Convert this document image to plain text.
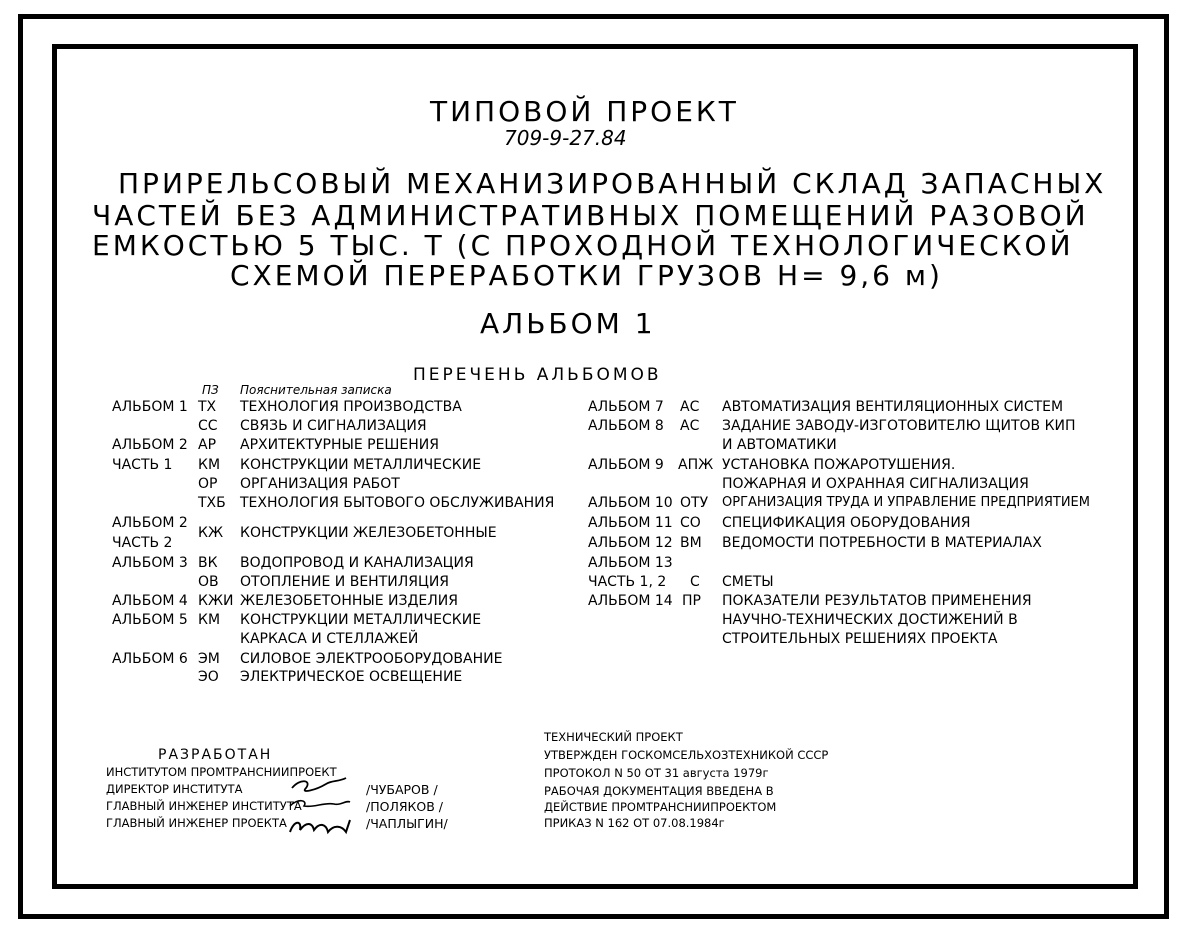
ТИПОВОЙ ПРОЕКТ
709-9-27.84
ПРИРЕЛЬСОВЫЙ МЕХАНИЗИРОВАННЫЙ СКЛАД ЗАПАСНЫХ
ЧАСТЕЙ БЕЗ АДМИНИСТРАТИВНЫХ ПОМЕЩЕНИЙ РАЗОВОЙ
ЕМКОСТЬЮ 5 ТЫС. Т (С ПРОХОДНОЙ ТЕХНОЛОГИЧЕСКОЙ
СХЕМОЙ ПЕРЕРАБОТКИ ГРУЗОВ Н= 9,6 м)
АЛЬБОМ 1
ПЕРЕЧЕНЬ АЛЬБОМОВ
ПЗ Пояснительная записка
АЛЬБОМ 1 ТХ ТЕХНОЛОГИЯ ПРОИЗВОДСТВА
СС СВЯЗЬ И СИГНАЛИЗАЦИЯ
АЛЬБОМ 2 АР АРХИТЕКТУРНЫЕ РЕШЕНИЯ
ЧАСТЬ 1 КМ КОНСТРУКЦИИ МЕТАЛЛИЧЕСКИЕ
ОР ОРГАНИЗАЦИЯ РАБОТ
ТХБ ТЕХНОЛОГИЯ БЫТОВОГО ОБСЛУЖИВАНИЯ
АЛЬБОМ 2
КЖ КОНСТРУКЦИИ ЖЕЛЕЗОБЕТОННЫЕ
ЧАСТЬ 2
АЛЬБОМ 3 ВК ВОДОПРОВОД И КАНАЛИЗАЦИЯ
ОВ ОТОПЛЕНИЕ И ВЕНТИЛЯЦИЯ
АЛЬБОМ 4 КЖИ ЖЕЛЕЗОБЕТОННЫЕ ИЗДЕЛИЯ
АЛЬБОМ 5 КМ КОНСТРУКЦИИ МЕТАЛЛИЧЕСКИЕ
КАРКАСА И СТЕЛЛАЖЕЙ
АЛЬБОМ 6 ЭМ СИЛОВОЕ ЭЛЕКТРООБОРУДОВАНИЕ
ЭО ЭЛЕКТРИЧЕСКОЕ ОСВЕЩЕНИЕ
АЛЬБОМ 7 АС АВТОМАТИЗАЦИЯ ВЕНТИЛЯЦИОННЫХ СИСТЕМ
АЛЬБОМ 8 АС ЗАДАНИЕ ЗАВОДУ-ИЗГОТОВИТЕЛЮ ЩИТОВ КИП
И АВТОМАТИКИ
АЛЬБОМ 9 АПЖ УСТАНОВКА ПОЖАРОТУШЕНИЯ.
ПОЖАРНАЯ И ОХРАННАЯ СИГНАЛИЗАЦИЯ
АЛЬБОМ 10 ОТУ ОРГАНИЗАЦИЯ ТРУДА И УПРАВЛЕНИЕ ПРЕДПРИЯТИЕМ
АЛЬБОМ 11 СО СПЕЦИФИКАЦИЯ ОБОРУДОВАНИЯ
АЛЬБОМ 12 ВМ ВЕДОМОСТИ ПОТРЕБНОСТИ В МАТЕРИАЛАХ
АЛЬБОМ 13
ЧАСТЬ 1, 2 С СМЕТЫ
АЛЬБОМ 14 ПР ПОКАЗАТЕЛИ РЕЗУЛЬТАТОВ ПРИМЕНЕНИЯ
НАУЧНО-ТЕХНИЧЕСКИХ ДОСТИЖЕНИЙ В
СТРОИТЕЛЬНЫХ РЕШЕНИЯХ ПРОЕКТА
РАЗРАБОТАН
ИНСТИТУТОМ ПРОМТРАНСНИИПРОЕКТ
ДИРЕКТОР ИНСТИТУТА
ГЛАВНЫЙ ИНЖЕНЕР ИНСТИТУТА
ГЛАВНЫЙ ИНЖЕНЕР ПРОЕКТА
/ЧУБАРОВ /
/ПОЛЯКОВ /
/ЧАПЛЫГИН/
ТЕХНИЧЕСКИЙ ПРОЕКТ
УТВЕРЖДЕН ГОСКОМСЕЛЬХОЗТЕХНИКОЙ СССР
ПРОТОКОЛ N 50 ОТ 31 августа 1979г
РАБОЧАЯ ДОКУМЕНТАЦИЯ ВВЕДЕНА В
ДЕЙСТВИЕ ПРОМТРАНСНИИПРОЕКТОМ
ПРИКАЗ N 162 ОТ 07.08.1984г
